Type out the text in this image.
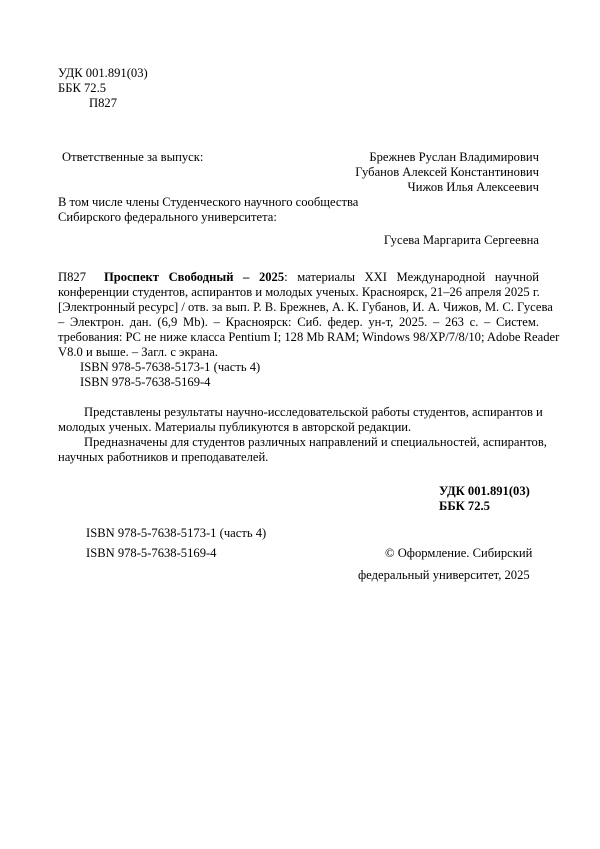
УДК 001.891(03)
ББК 72.5
П827
Ответственные за выпуск:	Брежнев Руслан Владимирович
Губанов Алексей Константинович
Чижов Илья Алексеевич
В том числе члены Студенческого научного сообщества
Сибирского федерального университета:
Гусева Маргарита Сергеевна
П827 Проспект Свободный – 2025: материалы XXI Международной научной
конференции студентов, аспирантов и молодых ученых. Красноярск, 21–26 апреля 2025 г.
[Электронный ресурс] / отв. за вып. Р. В. Брежнев, А. К. Губанов, И. А. Чижов, М. С. Гусева
– Электрон. дан. (6,9 Mb). – Красноярск: Сиб. федер. ун-т, 2025. – 263 с. – Систем.
требования: PC не ниже класса Pentium I; 128 Mb RAM; Windows 98/XP/7/8/10; Adobe Reader
V8.0 и выше. – Загл. с экрана.
ISBN 978-5-7638-5173-1 (часть 4)
ISBN 978-5-7638-5169-4
Представлены результаты научно-исследовательской работы студентов, аспирантов и
молодых ученых. Материалы публикуются в авторской редакции.
Предназначены для студентов различных направлений и специальностей, аспирантов,
научных работников и преподавателей.
УДК 001.891(03)
ББК 72.5
ISBN 978-5-7638-5173-1 (часть 4)
ISBN 978-5-7638-5169-4	© Оформление. Сибирский
федеральный университет, 2025
